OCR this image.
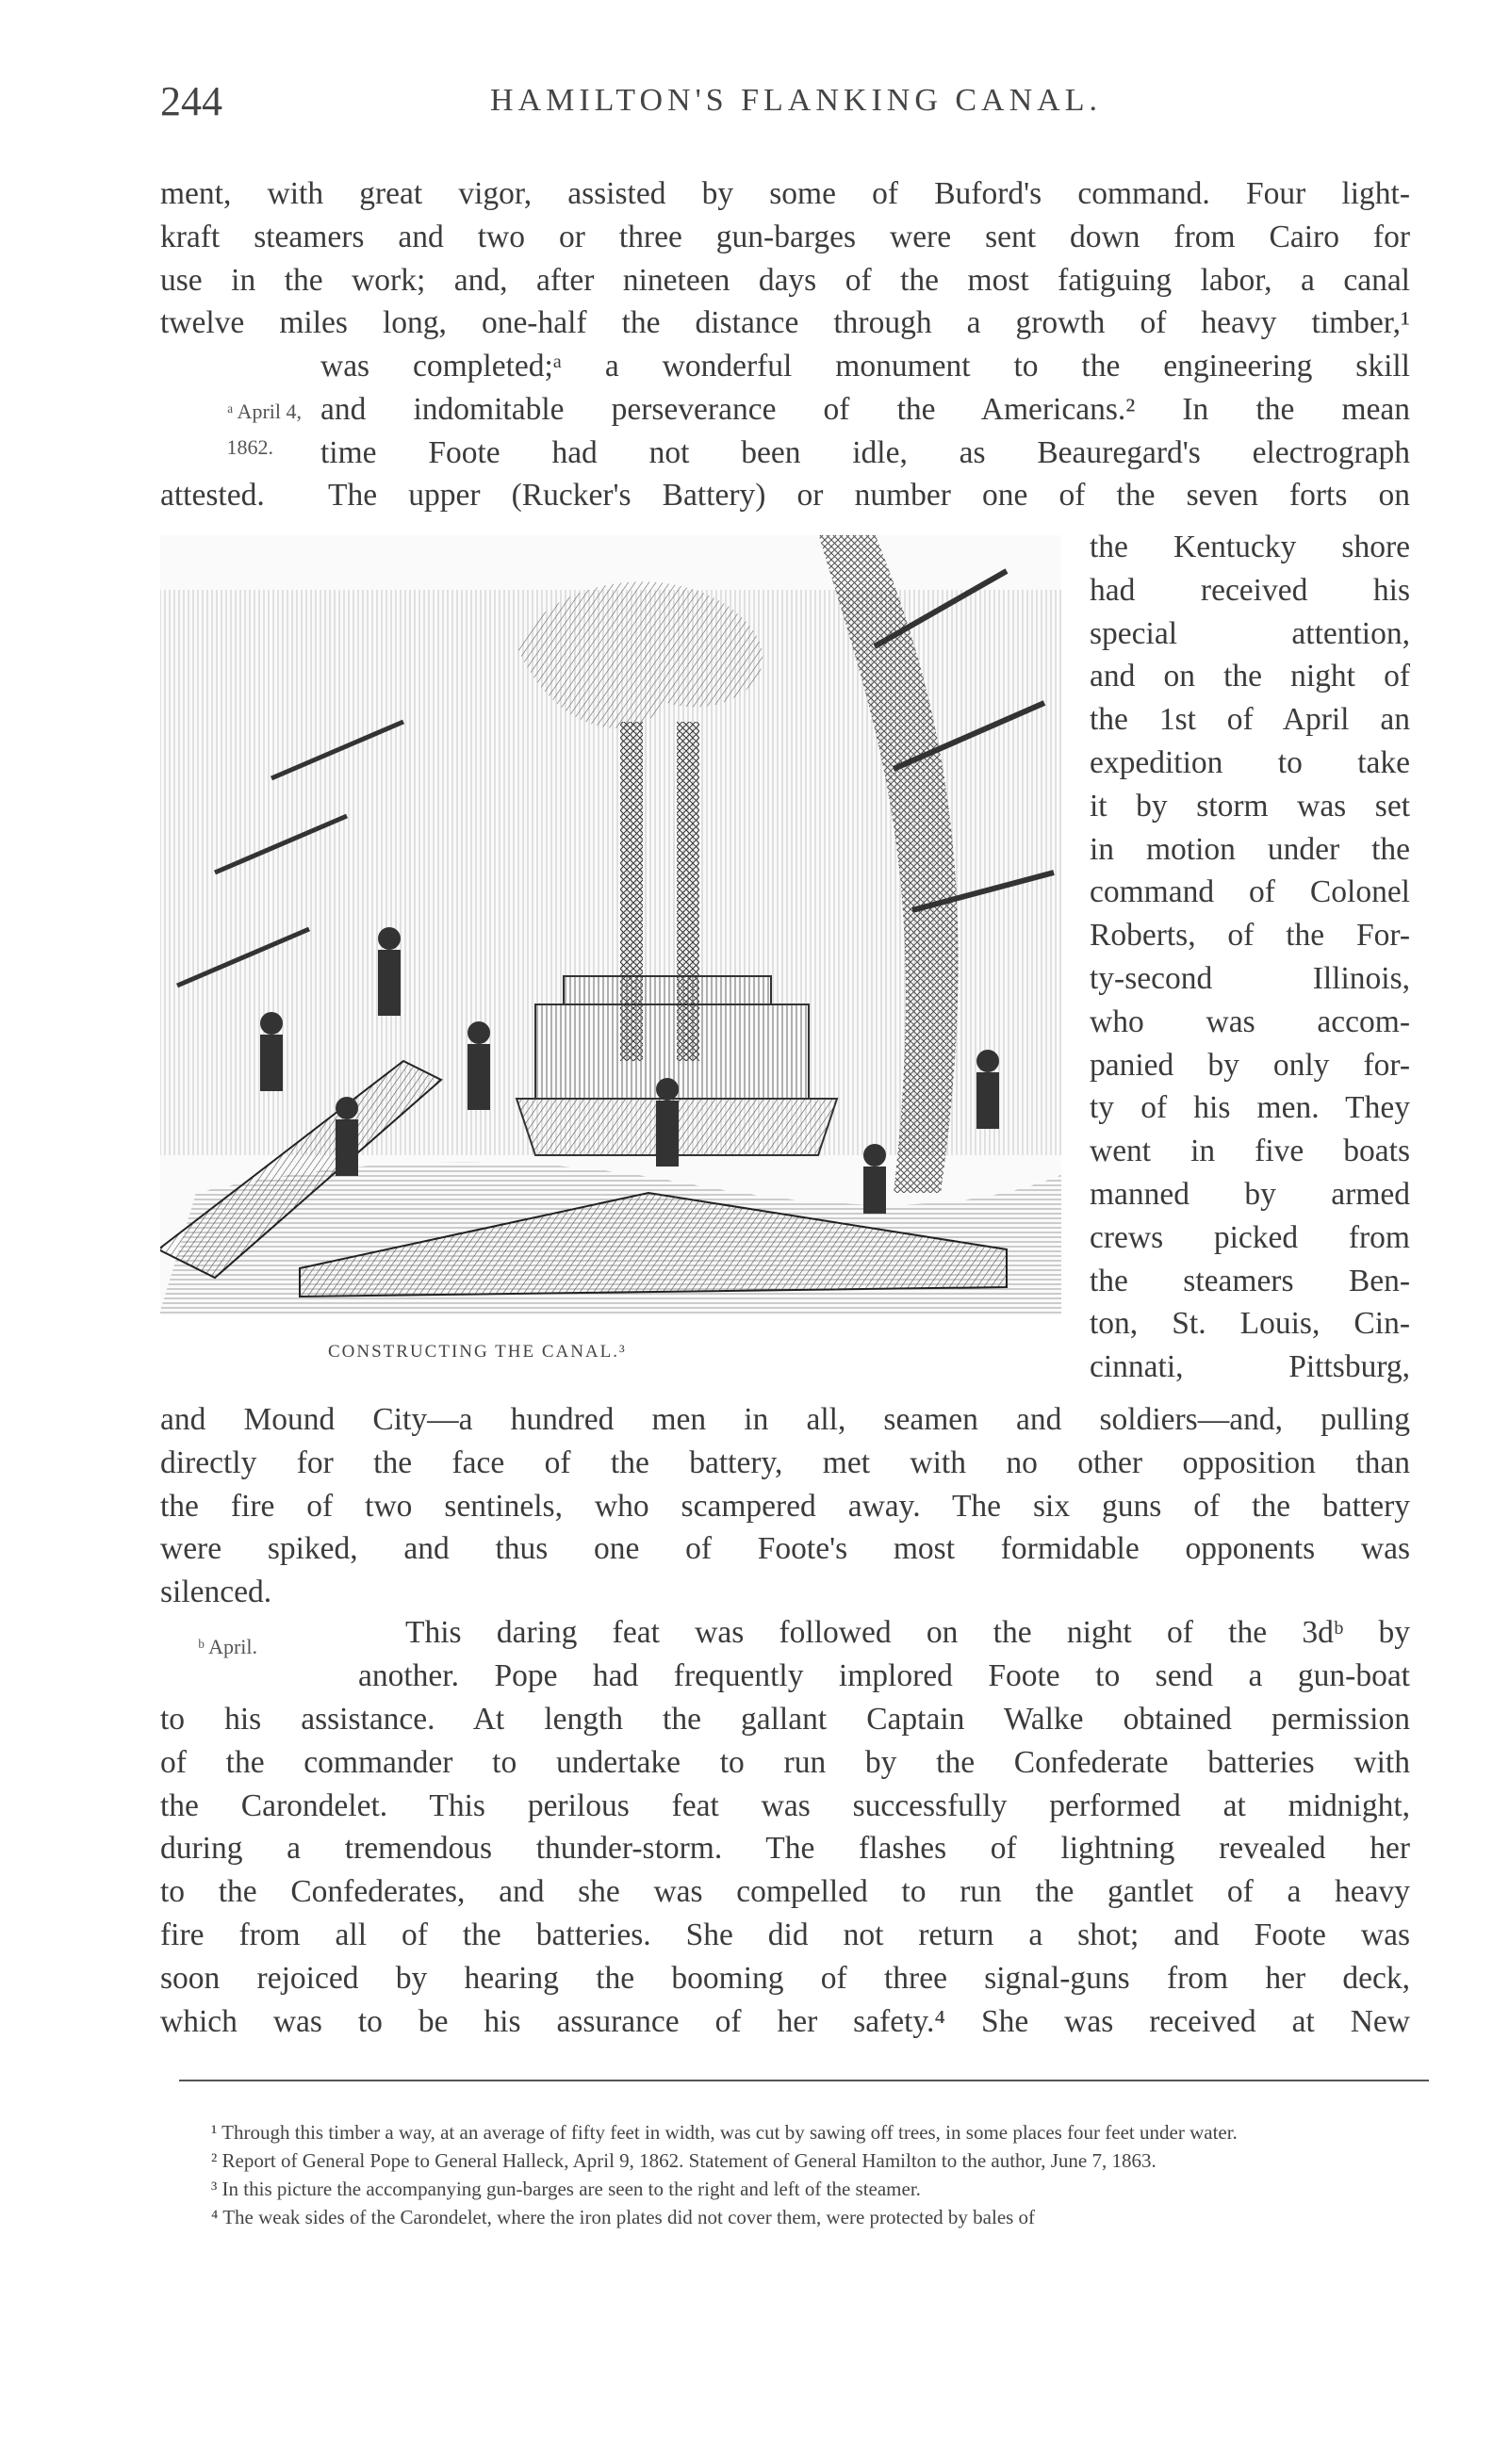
244	HAMILTON'S FLANKING CANAL.
ment, with great vigor, assisted by some of Buford's command. Four light-
kraft steamers and two or three gun-barges were sent down from Cairo for
use in the work; and, after nineteen days of the most fatiguing labor, a canal
twelve miles long, one-half the distance through a growth of heavy timber,¹
ᵃ April 4,
1862.
was completed;ᵃ a wonderful monument to the engineering skill
and indomitable perseverance of the Americans.² In the mean
time Foote had not been idle, as Beauregard's electrograph
attested. The upper (Rucker's Battery) or number one of the seven forts on
the Kentucky shore
had received his
special attention,
and on the night of
the 1st of April an
expedition to take
it by storm was set
in motion under the
command of Colonel
Roberts, of the For-
ty-second Illinois,
who was accom-
panied by only for-
ty of his men. They
went in five boats
manned by armed
crews picked from
the steamers Ben-
ton, St. Louis, Cin-
cinnati, Pittsburg,
CONSTRUCTING THE CANAL.³
and Mound City—a hundred men in all, seamen and soldiers—and, pulling
directly for the face of the battery, met with no other opposition than
the fire of two sentinels, who scampered away. The six guns of the battery
were spiked, and thus one of Foote's most formidable opponents was
silenced.
ᵇ April.	This daring feat was followed on the night of the 3dᵇ by
another. Pope had frequently implored Foote to send a gun-boat
to his assistance. At length the gallant Captain Walke obtained permission
of the commander to undertake to run by the Confederate batteries with
the Carondelet. This perilous feat was successfully performed at midnight,
during a tremendous thunder-storm. The flashes of lightning revealed her
to the Confederates, and she was compelled to run the gantlet of a heavy
fire from all of the batteries. She did not return a shot; and Foote was
soon rejoiced by hearing the booming of three signal-guns from her deck,
which was to be his assurance of her safety.⁴ She was received at New
¹ Through this timber a way, at an average of fifty feet in width, was cut by sawing off trees, in some places four feet under water.
² Report of General Pope to General Halleck, April 9, 1862. Statement of General Hamilton to the author, June 7, 1863.
³ In this picture the accompanying gun-barges are seen to the right and left of the steamer.
⁴ The weak sides of the Carondelet, where the iron plates did not cover them, were protected by bales of
